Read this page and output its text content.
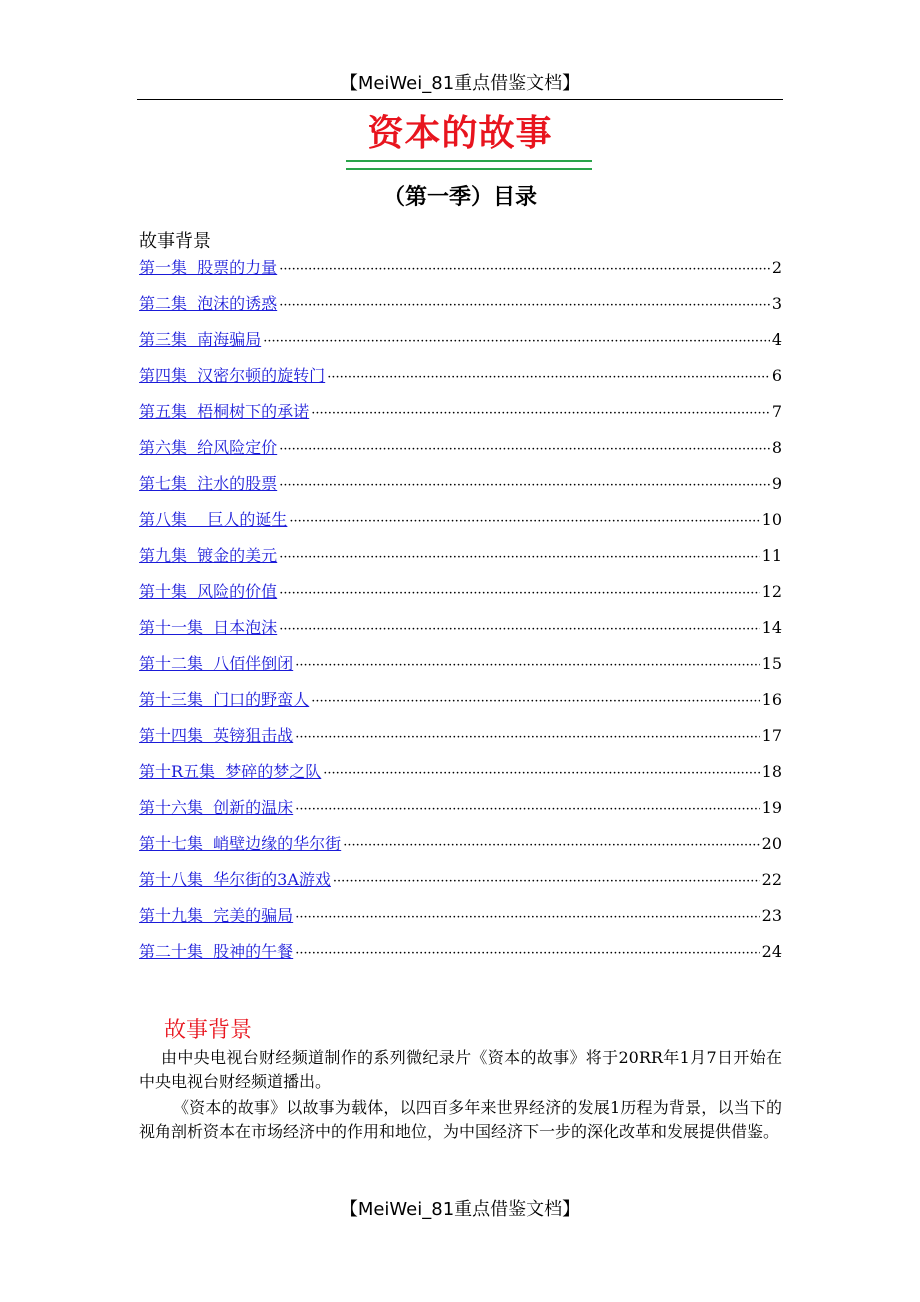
【MeiWei_81重点借鉴文档】
资本的故事
（第一季）目录
故事背景
第一集  股票的力量 ·····	2
第二集  泡沫的诱惑 ·····	3
第三集  南海骗局 ·····	4
第四集  汉密尔顿的旋转门 ·····	6
第五集  梧桐树下的承诺 ·····	7
第六集  给风险定价 ·····	8
第七集  注水的股票 ·····	9
第八集    巨人的诞生 ·····	10
第九集  镀金的美元 ·····	11
第十集  风险的价值 ·····	12
第十一集  日本泡沫 ·····	14
第十二集  八佰伴倒闭 ·····	15
第十三集  门口的野蛮人 ·····	16
第十四集  英镑狙击战 ·····	17
第十R五集  梦碎的梦之队 ·····	18
第十六集  创新的温床 ·····	19
第十七集  峭壁边缘的华尔街 ·····	20
第十八集  华尔街的3A游戏 ·····	22
第十九集  完美的骗局 ·····	23
第二十集  股神的午餐 ·····	24
故事背景

由中央电视台财经频道制作的系列微纪录片《资本的故事》将于20RR年1月7日开始在中央电视台财经频道播出。

《资本的故事》以故事为载体，以四百多年来世界经济的发展1历程为背景，以当下的视角剖析资本在市场经济中的作用和地位，为中国经济下一步的深化改革和发展提供借鉴。

【MeiWei_81重点借鉴文档】
